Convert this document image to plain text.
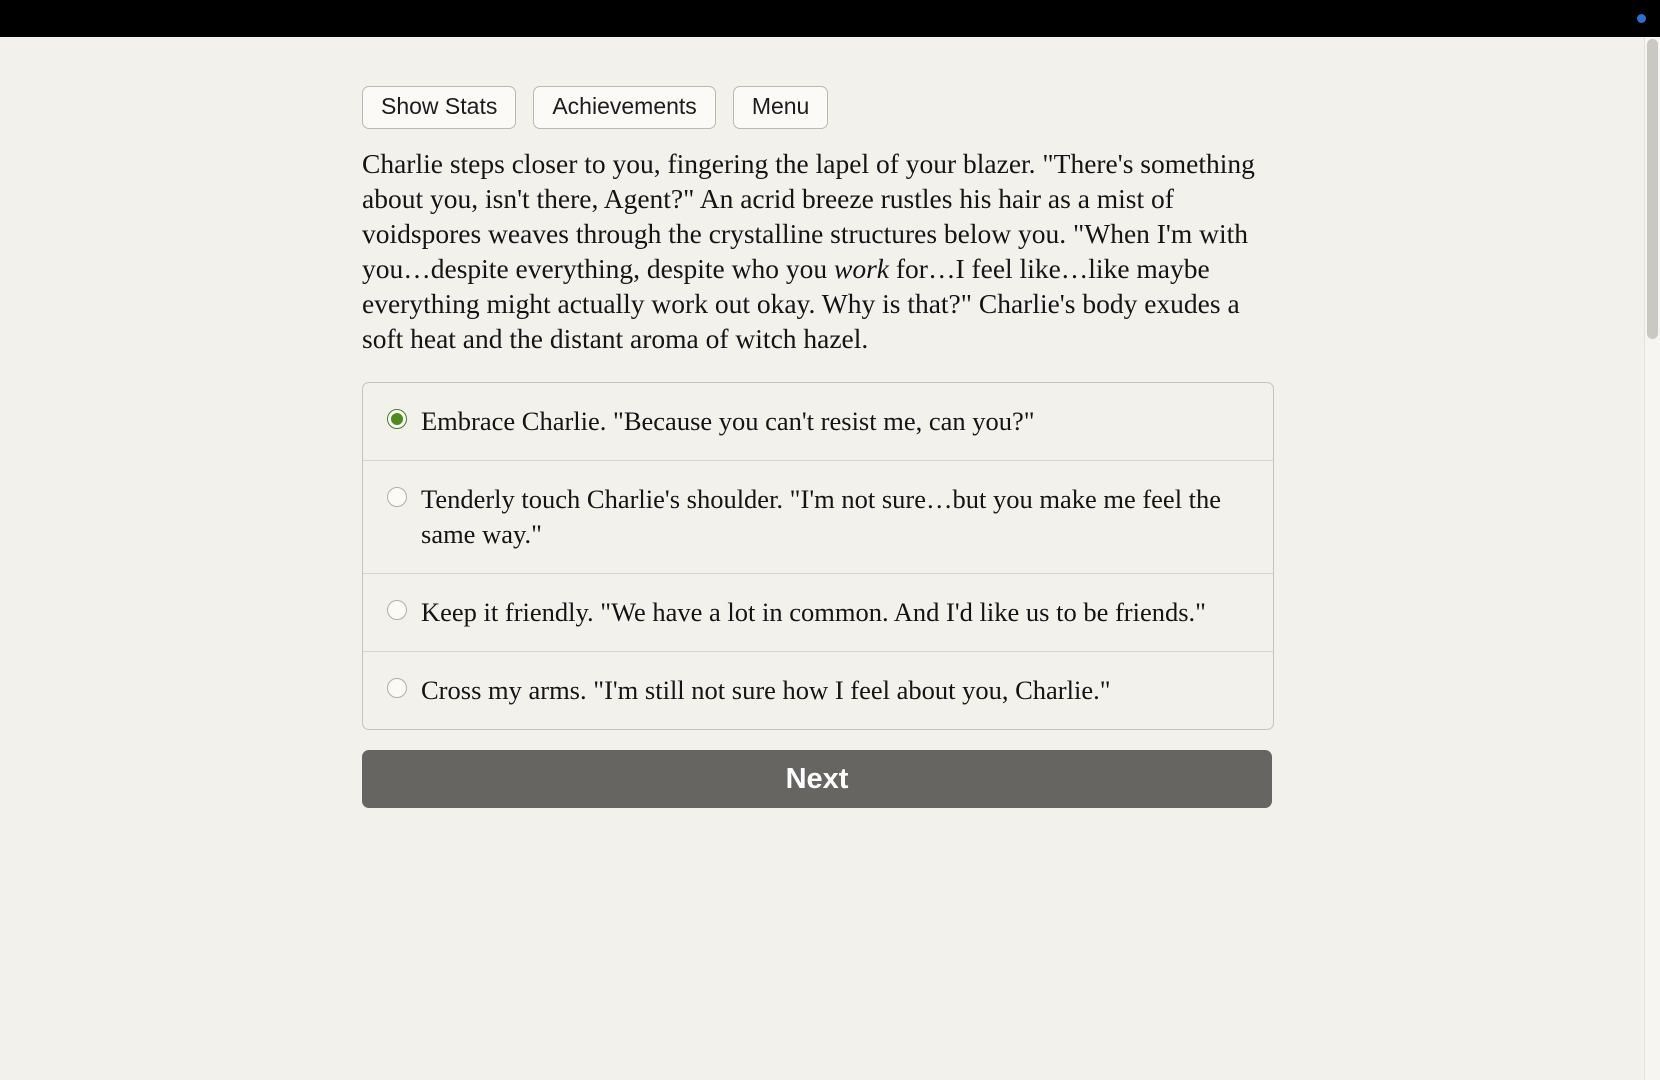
Show Stats	Achievements	Menu

Charlie steps closer to you, fingering the lapel of your blazer. "There's something about you, isn't there, Agent?" An acrid breeze rustles his hair as a mist of voidspores weaves through the crystalline structures below you. "When I'm with you…despite everything, despite who you work for…I feel like…like maybe everything might actually work out okay. Why is that?" Charlie's body exudes a soft heat and the distant aroma of witch hazel.

Embrace Charlie. "Because you can't resist me, can you?"
Tenderly touch Charlie's shoulder. "I'm not sure…but you make me feel the same way."
Keep it friendly. "We have a lot in common. And I'd like us to be friends."
Cross my arms. "I'm still not sure how I feel about you, Charlie."
Next
